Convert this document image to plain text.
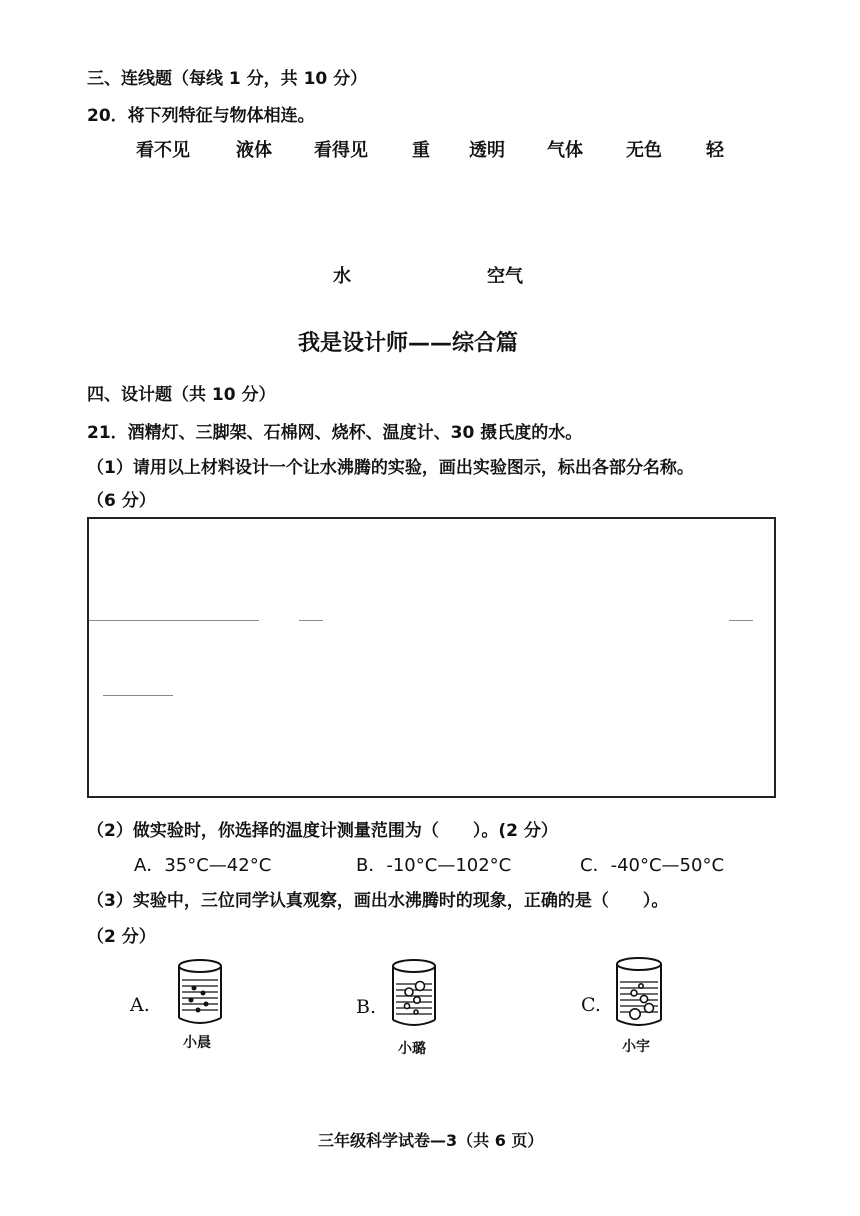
三、连线题（每线 1 分，共 10 分）
20．将下列特征与物体相连。
看不见	液体 看得见 重 透明 气体 无色 轻
水	空气
我是设计师——综合篇
四、设计题（共 10 分）
21．酒精灯、三脚架、石棉网、烧杯、温度计、30 摄氏度的水。
（1）请用以上材料设计一个让水沸腾的实验，画出实验图示，标出各部分名称。
（6 分）
（2）做实验时，你选择的温度计测量范围为（　　）。(2 分）
A．35°C—42°C	B．-10°C—102°C	C．-40°C—50°C
（3）实验中，三位同学认真观察，画出水沸腾时的现象，正确的是（　　）。
（2 分）
A.
小晨
B.
小璐
C.
小宇
三年级科学试卷—3（共 6 页）
